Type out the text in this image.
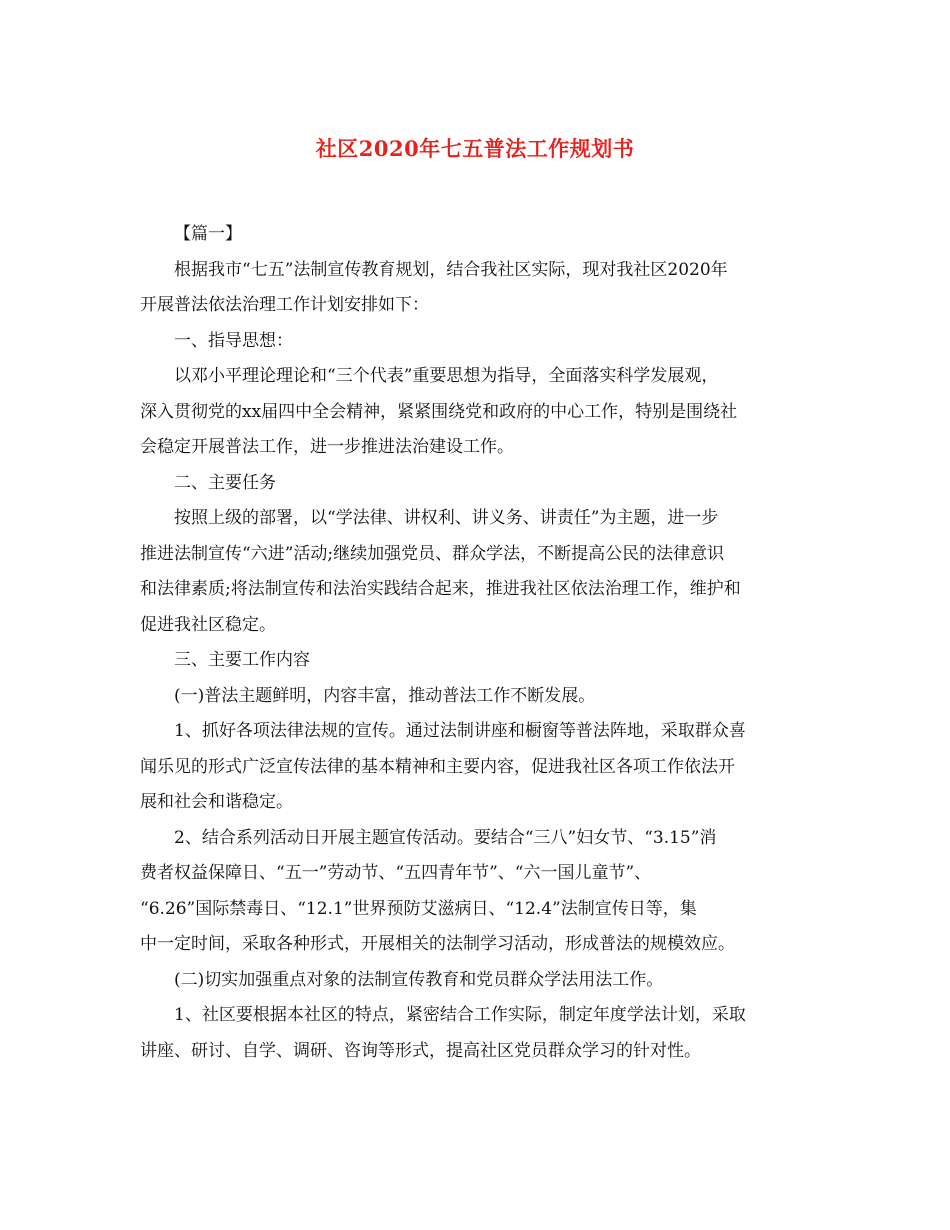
社区2020年七五普法工作规划书
【篇一】
根据我市“七五”法制宣传教育规划，结合我社区实际，现对我社区2020年
开展普法依法治理工作计划安排如下：
一、指导思想：
以邓小平理论理论和“三个代表”重要思想为指导，全面落实科学发展观，
深入贯彻党的xx届四中全会精神，紧紧围绕党和政府的中心工作，特别是围绕社
会稳定开展普法工作，进一步推进法治建设工作。
二、主要任务
按照上级的部署，以“学法律、讲权利、讲义务、讲责任”为主题，进一步
推进法制宣传“六进”活动;继续加强党员、群众学法，不断提高公民的法律意识
和法律素质;将法制宣传和法治实践结合起来，推进我社区依法治理工作，维护和
促进我社区稳定。
三、主要工作内容
(一)普法主题鲜明，内容丰富，推动普法工作不断发展。
1、抓好各项法律法规的宣传。通过法制讲座和橱窗等普法阵地，采取群众喜
闻乐见的形式广泛宣传法律的基本精神和主要内容，促进我社区各项工作依法开
展和社会和谐稳定。
2、结合系列活动日开展主题宣传活动。要结合“三八”妇女节、“3.15”消
费者权益保障日、“五一”劳动节、“五四青年节”、“六一国儿童节”、
“6.26”国际禁毒日、“12.1”世界预防艾滋病日、“12.4”法制宣传日等，集
中一定时间，采取各种形式，开展相关的法制学习活动，形成普法的规模效应。
(二)切实加强重点对象的法制宣传教育和党员群众学法用法工作。
1、社区要根据本社区的特点，紧密结合工作实际，制定年度学法计划，采取
讲座、研讨、自学、调研、咨询等形式，提高社区党员群众学习的针对性。
